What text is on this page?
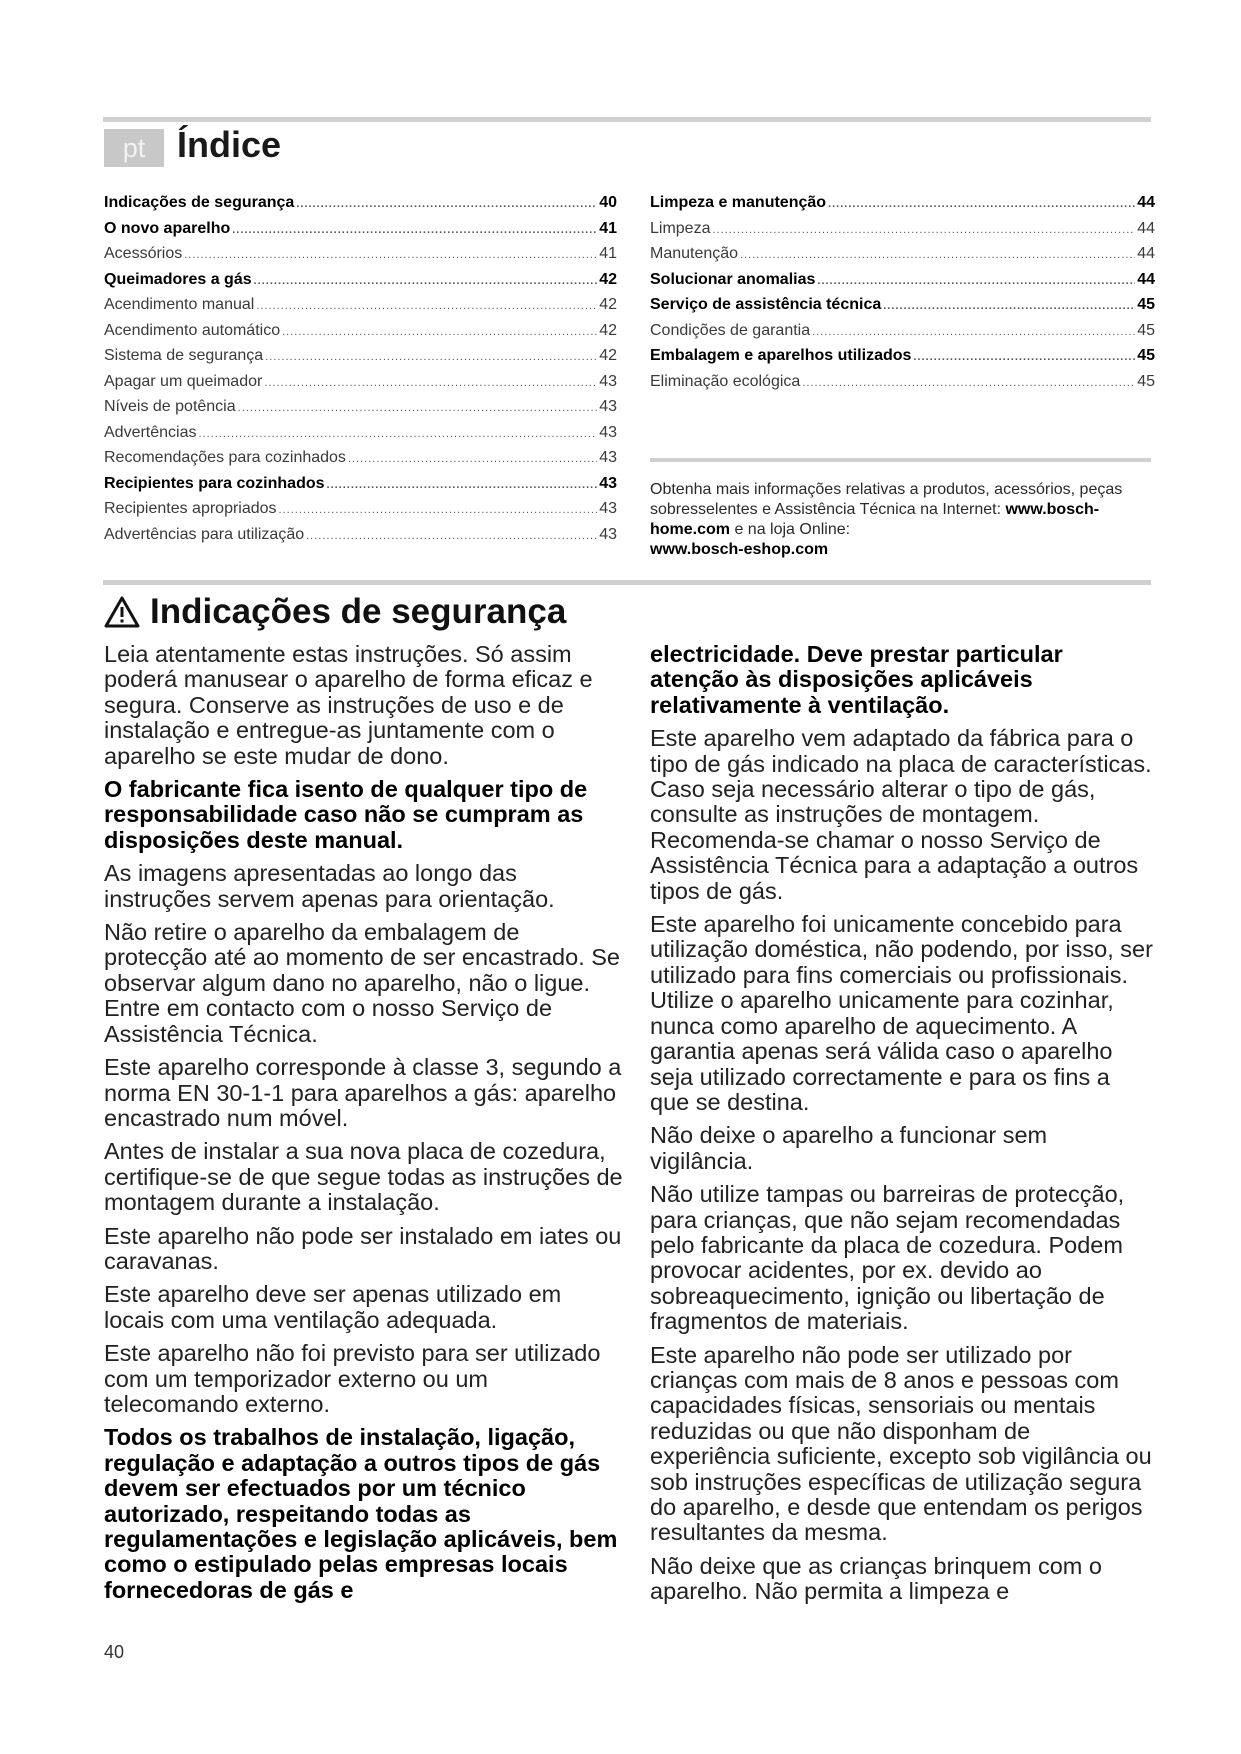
pt Índice
Indicações de segurança .....	40
O novo aparelho .....	41
Acessórios .....	41
Queimadores a gás .....	42
Acendimento manual .....	42
Acendimento automático .....	42
Sistema de segurança .....	42
Apagar um queimador .....	43
Níveis de potência .....	43
Advertências .....	43
Recomendações para cozinhados .....	43
Recipientes para cozinhados .....	43
Recipientes apropriados .....	43
Advertências para utilização .....	43
Limpeza e manutenção .....	44
Limpeza .....	44
Manutenção .....	44
Solucionar anomalias .....	44
Serviço de assistência técnica .....	45
Condições de garantia .....	45
Embalagem e aparelhos utilizados .....	45
Eliminação ecológica .....	45

Obtenha mais informações relativas a produtos, acessórios, peças sobresselentes e Assistência Técnica na Internet: www.bosch-home.com e na loja Online:
www.bosch-eshop.com

Indicações de segurança

Leia atentamente estas instruções. Só assim poderá manusear o aparelho de forma eficaz e segura. Conserve as instruções de uso e de instalação e entregue-as juntamente com o aparelho se este mudar de dono.

O fabricante fica isento de qualquer tipo de responsabilidade caso não se cumpram as disposições deste manual.

As imagens apresentadas ao longo das instruções servem apenas para orientação.

Não retire o aparelho da embalagem de protecção até ao momento de ser encastrado. Se observar algum dano no aparelho, não o ligue. Entre em contacto com o nosso Serviço de Assistência Técnica.

Este aparelho corresponde à classe 3, segundo a norma EN 30-1-1 para aparelhos a gás: aparelho encastrado num móvel.

Antes de instalar a sua nova placa de cozedura, certifique-se de que segue todas as instruções de montagem durante a instalação.

Este aparelho não pode ser instalado em iates ou caravanas.

Este aparelho deve ser apenas utilizado em locais com uma ventilação adequada.

Este aparelho não foi previsto para ser utilizado com um temporizador externo ou um telecomando externo.

Todos os trabalhos de instalação, ligação, regulação e adaptação a outros tipos de gás devem ser efectuados por um técnico autorizado, respeitando todas as regulamentações e legislação aplicáveis, bem como o estipulado pelas empresas locais fornecedoras de gás e

electricidade. Deve prestar particular atenção às disposições aplicáveis relativamente à ventilação.

Este aparelho vem adaptado da fábrica para o tipo de gás indicado na placa de características. Caso seja necessário alterar o tipo de gás, consulte as instruções de montagem. Recomenda-se chamar o nosso Serviço de Assistência Técnica para a adaptação a outros tipos de gás.

Este aparelho foi unicamente concebido para utilização doméstica, não podendo, por isso, ser utilizado para fins comerciais ou profissionais. Utilize o aparelho unicamente para cozinhar, nunca como aparelho de aquecimento. A garantia apenas será válida caso o aparelho seja utilizado correctamente e para os fins a que se destina.

Não deixe o aparelho a funcionar sem vigilância.

Não utilize tampas ou barreiras de protecção, para crianças, que não sejam recomendadas pelo fabricante da placa de cozedura. Podem provocar acidentes, por ex. devido ao sobreaquecimento, ignição ou libertação de fragmentos de materiais.

Este aparelho não pode ser utilizado por crianças com mais de 8 anos e pessoas com capacidades físicas, sensoriais ou mentais reduzidas ou que não disponham de experiência suficiente, excepto sob vigilância ou sob instruções específicas de utilização segura do aparelho, e desde que entendam os perigos resultantes da mesma.

Não deixe que as crianças brinquem com o aparelho. Não permita a limpeza e

40
